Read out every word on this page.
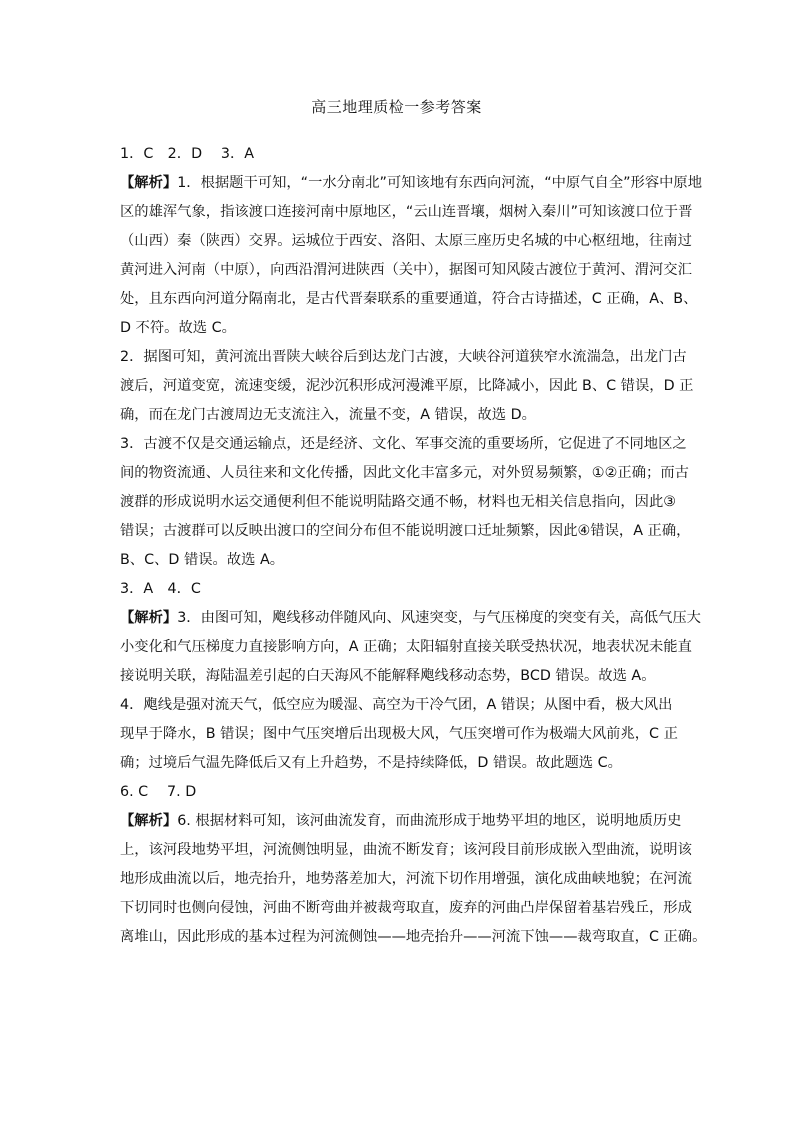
高三地理质检一参考答案
1．C　2．D　 3．A
【解析】1．根据题干可知，“一水分南北”可知该地有东西向河流，“中原气自全”形容中原地
区的雄浑气象，指该渡口连接河南中原地区，“云山连晋壤，烟树入秦川”可知该渡口位于晋
（山西）秦（陕西）交界。运城位于西安、洛阳、太原三座历史名城的中心枢纽地，往南过
黄河进入河南（中原），向西沿渭河进陕西（关中），据图可知风陵古渡位于黄河、渭河交汇
处，且东西向河道分隔南北，是古代晋秦联系的重要通道，符合古诗描述，C 正确，A、B、
D 不符。故选 C。
2．据图可知，黄河流出晋陕大峡谷后到达龙门古渡，大峡谷河道狭窄水流湍急，出龙门古
渡后，河道变宽，流速变缓，泥沙沉积形成河漫滩平原，比降减小，因此 B、C 错误，D 正
确，而在龙门古渡周边无支流注入，流量不变，A 错误，故选 D。
3．古渡不仅是交通运输点，还是经济、文化、军事交流的重要场所，它促进了不同地区之
间的物资流通、人员往来和文化传播，因此文化丰富多元，对外贸易频繁，①②正确；而古
渡群的形成说明水运交通便利但不能说明陆路交通不畅，材料也无相关信息指向，因此③
错误；古渡群可以反映出渡口的空间分布但不能说明渡口迁址频繁，因此④错误，A 正确，
B、C、D 错误。故选 A。
3．A　4．C
【解析】3．由图可知，飑线移动伴随风向、风速突变，与气压梯度的突变有关，高低气压大
小变化和气压梯度力直接影响方向，A 正确；太阳辐射直接关联受热状况，地表状况未能直
接说明关联，海陆温差引起的白天海风不能解释飑线移动态势，BCD 错误。故选 A。
4．飑线是强对流天气，低空应为暖湿、高空为干冷气团，A 错误；从图中看，极大风出
现早于降水，B 错误；图中气压突增后出现极大风，气压突增可作为极端大风前兆，C 正
确；过境后气温先降低后又有上升趋势，不是持续降低，D 错误。故此题选 C。
6. C　 7. D
【解析】6. 根据材料可知，该河曲流发育，而曲流形成于地势平坦的地区，说明地质历史
上，该河段地势平坦，河流侧蚀明显，曲流不断发育；该河段目前形成嵌入型曲流，说明该
地形成曲流以后，地壳抬升，地势落差加大，河流下切作用增强，演化成曲峡地貌；在河流
下切同时也侧向侵蚀，河曲不断弯曲并被裁弯取直，废弃的河曲凸岸保留着基岩残丘，形成
离堆山，因此形成的基本过程为河流侧蚀——地壳抬升——河流下蚀——裁弯取直，C 正确。
